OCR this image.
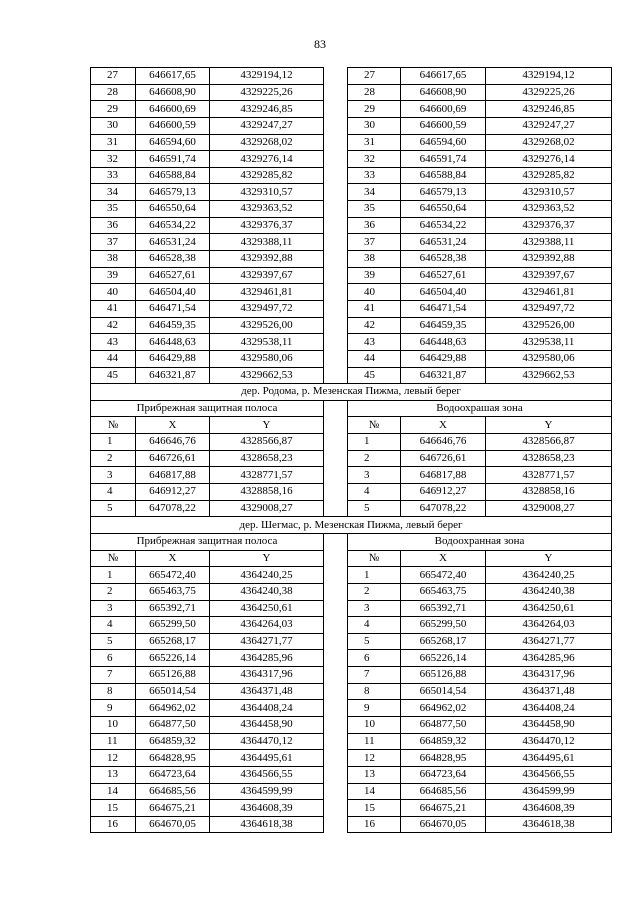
83
27	646617,65	4329194,12		27	646617,65	4329194,12
28	646608,90	4329225,26		28	646608,90	4329225,26
29	646600,69	4329246,85		29	646600,69	4329246,85
30	646600,59	4329247,27		30	646600,59	4329247,27
31	646594,60	4329268,02		31	646594,60	4329268,02
32	646591,74	4329276,14		32	646591,74	4329276,14
33	646588,84	4329285,82		33	646588,84	4329285,82
34	646579,13	4329310,57		34	646579,13	4329310,57
35	646550,64	4329363,52		35	646550,64	4329363,52
36	646534,22	4329376,37		36	646534,22	4329376,37
37	646531,24	4329388,11		37	646531,24	4329388,11
38	646528,38	4329392,88		38	646528,38	4329392,88
39	646527,61	4329397,67		39	646527,61	4329397,67
40	646504,40	4329461,81		40	646504,40	4329461,81
41	646471,54	4329497,72		41	646471,54	4329497,72
42	646459,35	4329526,00		42	646459,35	4329526,00
43	646448,63	4329538,11		43	646448,63	4329538,11
44	646429,88	4329580,06		44	646429,88	4329580,06
45	646321,87	4329662,53		45	646321,87	4329662,53
дер. Родома, р. Мезенская Пижма, левый берег						
Прибрежная защитная полоса				Водоохрашая зона		
№	X	Y		№	X	Y
1	646646,76	4328566,87		1	646646,76	4328566,87
2	646726,61	4328658,23		2	646726,61	4328658,23
3	646817,88	4328771,57		3	646817,88	4328771,57
4	646912,27	4328858,16		4	646912,27	4328858,16
5	647078,22	4329008,27		5	647078,22	4329008,27
дер. Шегмас, р. Мезенская Пижма, левый берег						
Прибрежная защитная полоса				Водоохранная зона		
№	X	Y		№	X	Y
1	665472,40	4364240,25		1	665472,40	4364240,25
2	665463,75	4364240,38		2	665463,75	4364240,38
3	665392,71	4364250,61		3	665392,71	4364250,61
4	665299,50	4364264,03		4	665299,50	4364264,03
5	665268,17	4364271,77		5	665268,17	4364271,77
6	665226,14	4364285,96		6	665226,14	4364285,96
7	665126,88	4364317,96		7	665126,88	4364317,96
8	665014,54	4364371,48		8	665014,54	4364371,48
9	664962,02	4364408,24		9	664962,02	4364408,24
10	664877,50	4364458,90		10	664877,50	4364458,90
11	664859,32	4364470,12		11	664859,32	4364470,12
12	664828,95	4364495,61		12	664828,95	4364495,61
13	664723,64	4364566,55		13	664723,64	4364566,55
14	664685,56	4364599,99		14	664685,56	4364599,99
15	664675,21	4364608,39		15	664675,21	4364608,39
16	664670,05	4364618,38		16	664670,05	4364618,38
